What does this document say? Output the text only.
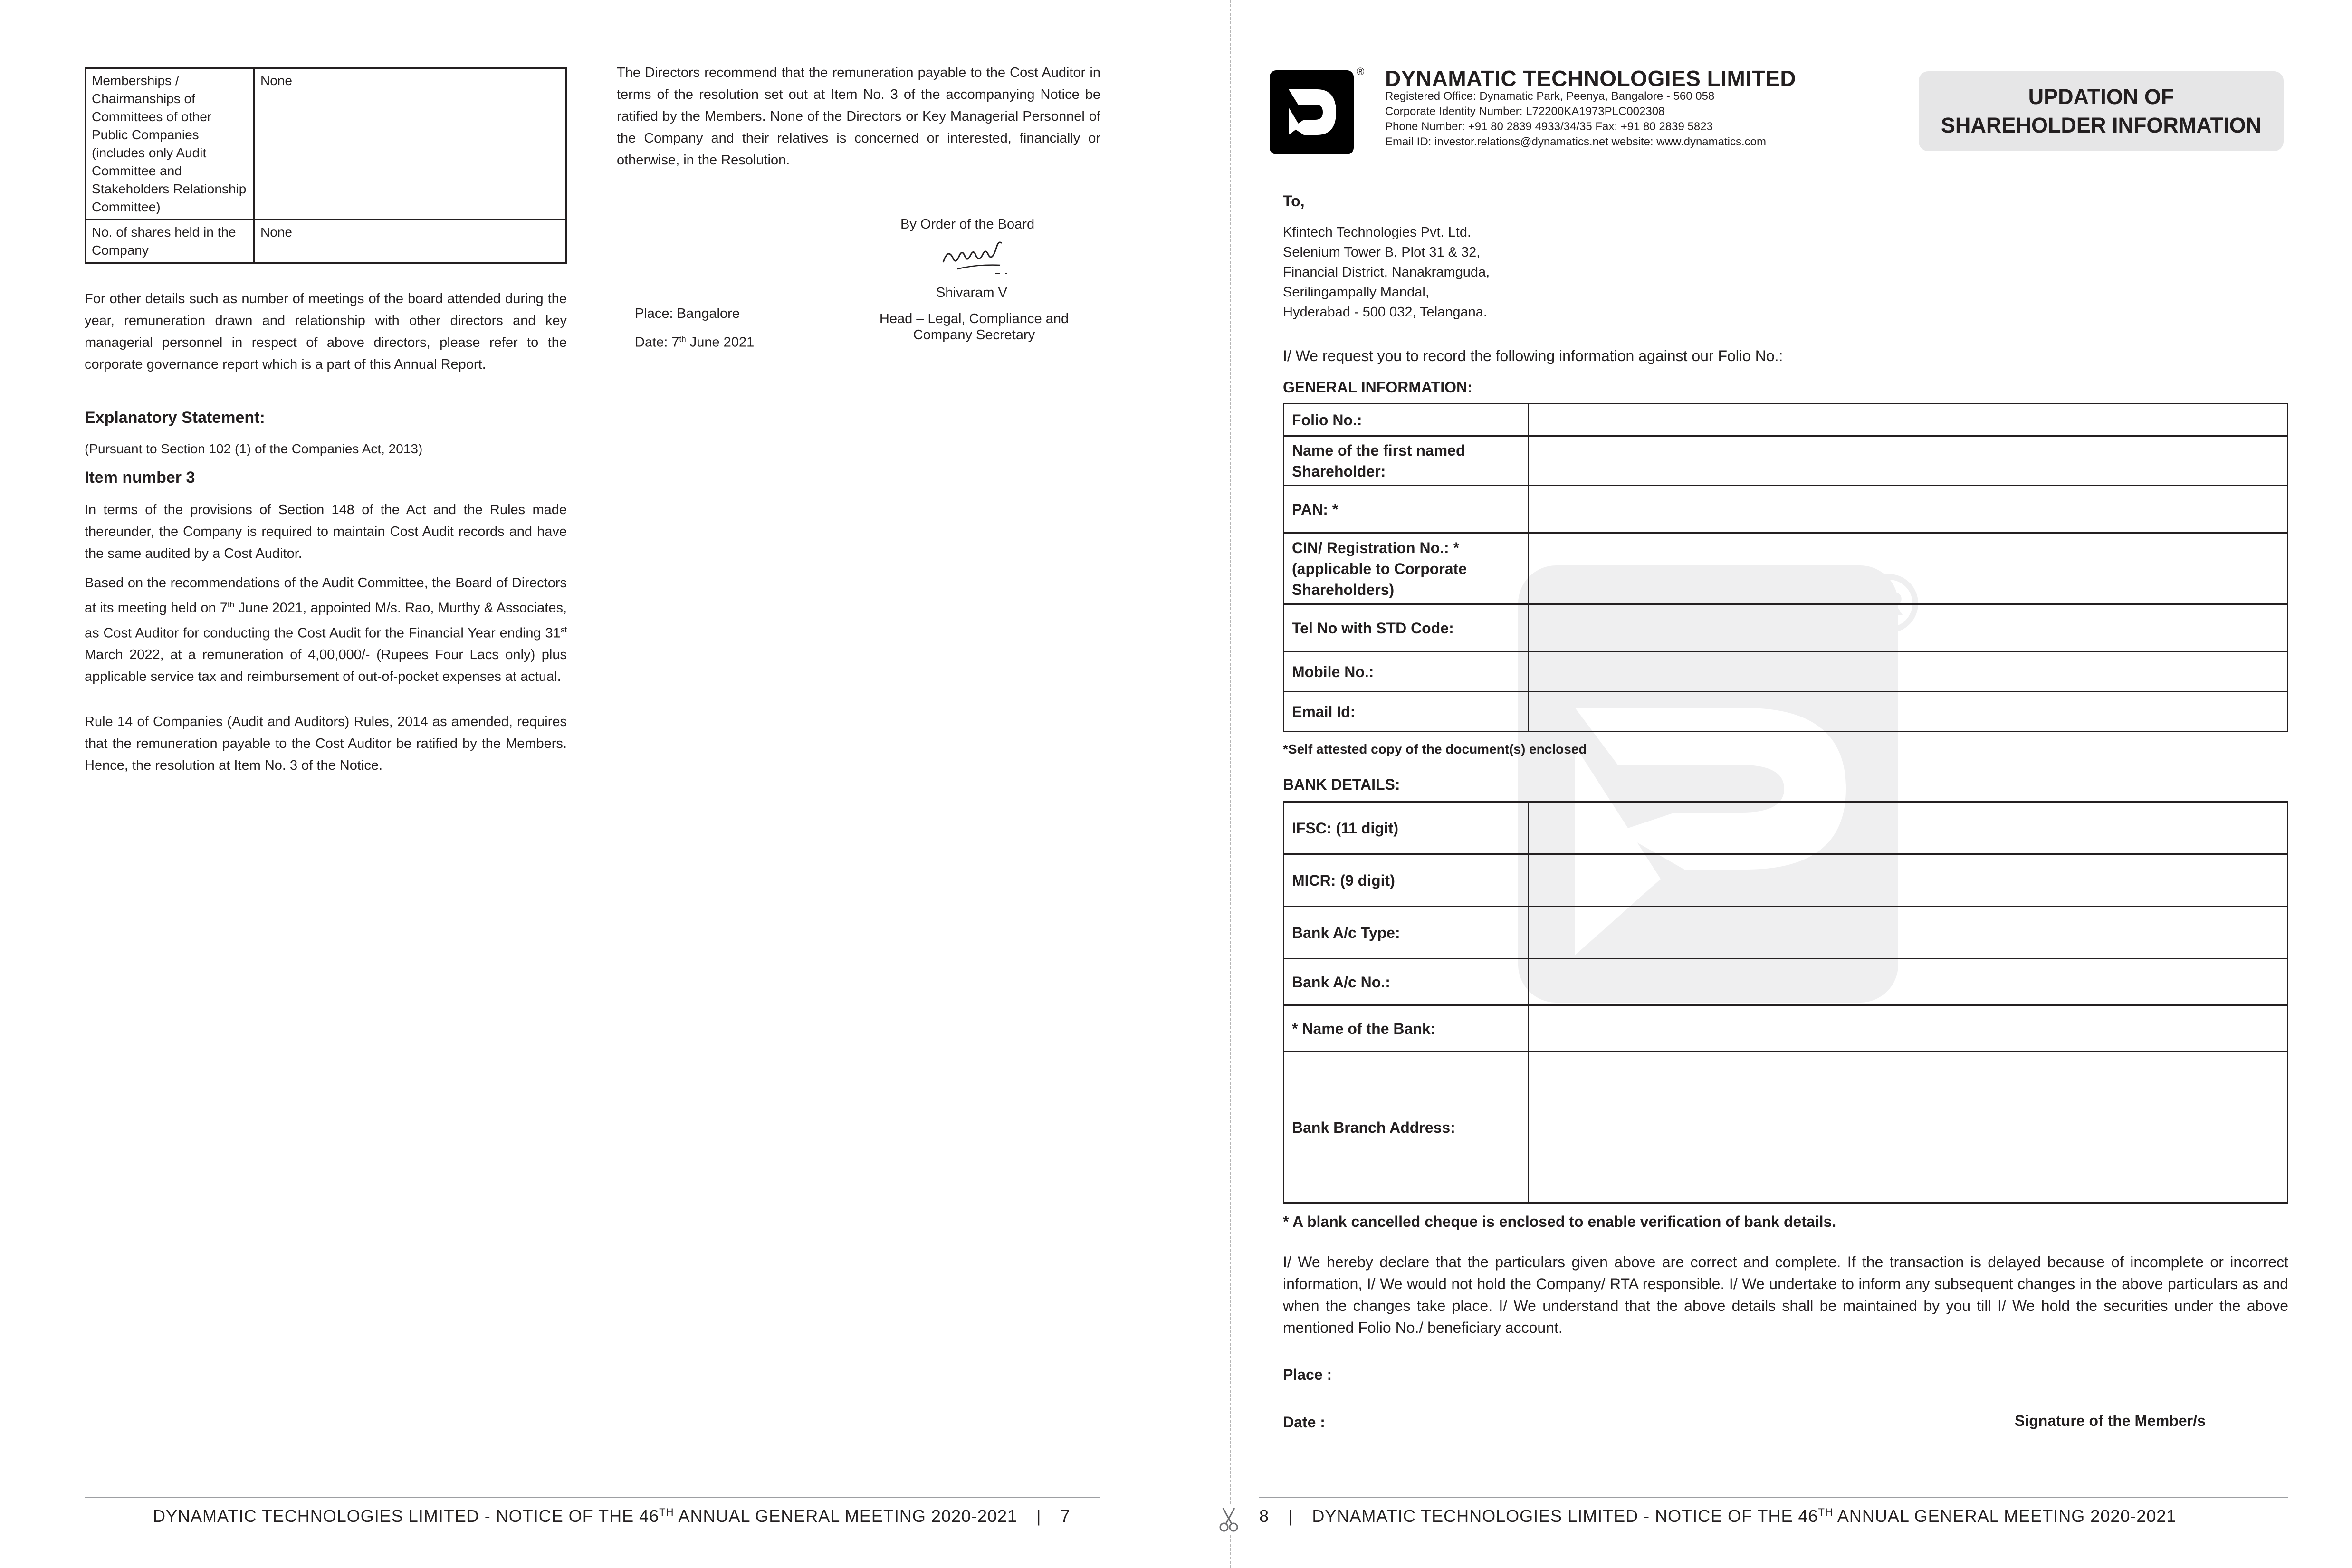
Memberships / Chairmanships of Committees of other Public Companies (includes only Audit Committee and Stakeholders Relationship Committee)	None
No. of shares held in the Company	None

For other details such as number of meetings of the board attended during the year, remuneration drawn and relationship with other directors and key managerial personnel in respect of above directors, please refer to the corporate governance report which is a part of this Annual Report.

Explanatory Statement:

(Pursuant to Section 102 (1) of the Companies Act, 2013)

Item number 3

In terms of the provisions of Section 148 of the Act and the Rules made thereunder, the Company is required to maintain Cost Audit records and have the same audited by a Cost Auditor.

Based on the recommendations of the Audit Committee, the Board of Directors at its meeting held on 7th June 2021, appointed M/s. Rao, Murthy & Associates, as Cost Auditor for conducting the Cost Audit for the Financial Year ending 31st March 2022, at a remuneration of 4,00,000/- (Rupees Four Lacs only) plus applicable service tax and reimbursement of out-of-pocket expenses at actual.

Rule 14 of Companies (Audit and Auditors) Rules, 2014 as amended, requires that the remuneration payable to the Cost Auditor be ratified by the Members. Hence, the resolution at Item No. 3 of the Notice.

The Directors recommend that the remuneration payable to the Cost Auditor in terms of the resolution set out at Item No. 3 of the accompanying Notice be ratified by the Members. None of the Directors or Key Managerial Personnel of the Company and their relatives is concerned or interested, financially or otherwise, in the Resolution.

By Order of the Board

Shivaram V

Head – Legal, Compliance and
Company Secretary

Place: Bangalore

Date: 7th June 2021

DYNAMATIC TECHNOLOGIES LIMITED - NOTICE OF THE 46TH ANNUAL GENERAL MEETING 2020-2021 | 7

® DYNAMATIC TECHNOLOGIES LIMITED

Registered Office: Dynamatic Park, Peenya, Bangalore - 560 058

Corporate Identity Number: L72200KA1973PLC002308

Phone Number: +91 80 2839 4933/34/35 Fax: +91 80 2839 5823

Email ID: investor.relations@dynamatics.net website: www.dynamatics.com

UPDATION OF
SHAREHOLDER INFORMATION

To,

Kfintech Technologies Pvt. Ltd.
Selenium Tower B, Plot 31 & 32,
Financial District, Nanakramguda,
Serilingampally Mandal,
Hyderabad - 500 032, Telangana.

I/ We request you to record the following information against our Folio No.:

GENERAL INFORMATION:

R
Folio No.:	
Name of the first named Shareholder:	
PAN: *	
CIN/ Registration No.: * (applicable to Corporate Shareholders)	
Tel No with STD Code:	
Mobile No.:	
Email Id:	

*Self attested copy of the document(s) enclosed

BANK DETAILS:

IFSC: (11 digit)	
MICR: (9 digit)	
Bank A/c Type:	
Bank A/c No.:	
* Name of the Bank:	
Bank Branch Address:	

* A blank cancelled cheque is enclosed to enable verification of bank details.

I/ We hereby declare that the particulars given above are correct and complete. If the transaction is delayed because of incomplete or incorrect information, I/ We would not hold the Company/ RTA responsible. I/ We undertake to inform any subsequent changes in the above particulars as and when the changes take place. I/ We understand that the above details shall be maintained by you till I/ We hold the securities under the above mentioned Folio No./ beneficiary account.

Place :

Date :	Signature of the Member/s

8 | DYNAMATIC TECHNOLOGIES LIMITED - NOTICE OF THE 46TH ANNUAL GENERAL MEETING 2020-2021
